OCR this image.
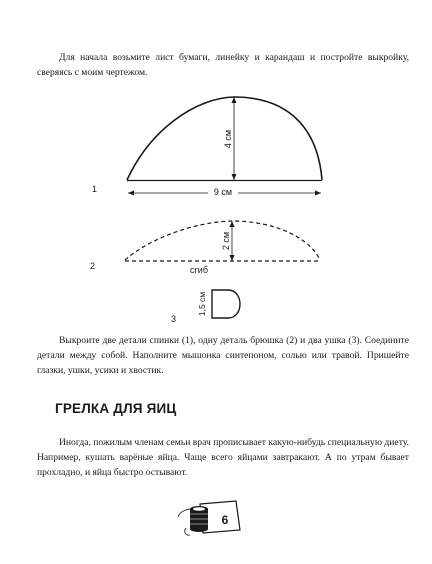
Для начала возьмите лист бумаги, линейку и карандаш и постройте выкройку, сверяясь с моим чертежом.

9 см
4 см
1
2 см
сгиб
2
1,5 см
3
6

Выкроите две детали спинки (1), одну деталь брюшка (2) и два ушка (3). Соедините детали между собой. Наполните мышонка синтепоном, солью или травой. Пришейте глазки, ушки, усики и хвостик.

ГРЕЛКА ДЛЯ ЯИЦ

Иногда, пожилым членам семьи врач прописывает какую-нибудь специальную диету. Например, кушать варёные яйца. Чаще всего яйцами завтракают. А по утрам бывает прохладно, и яйца быстро остывают.
